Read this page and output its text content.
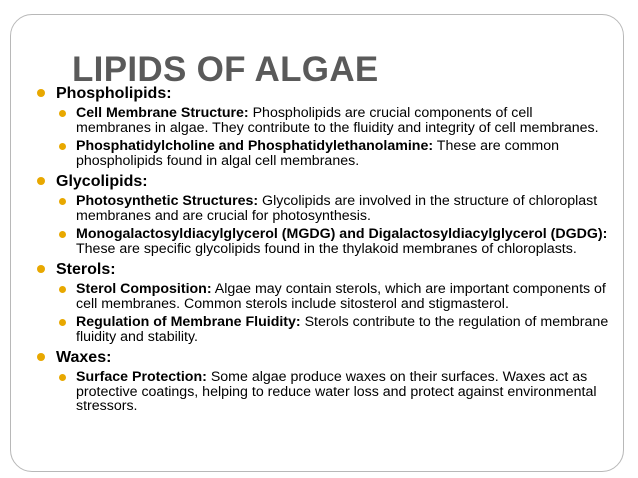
LIPIDS OF ALGAE
Phospholipids:
Cell Membrane Structure: Phospholipids are crucial components of cell membranes in algae. They contribute to the fluidity and integrity of cell membranes.
Phosphatidylcholine and Phosphatidylethanolamine: These are common phospholipids found in algal cell membranes.
Glycolipids:
Photosynthetic Structures: Glycolipids are involved in the structure of chloroplast membranes and are crucial for photosynthesis.
Monogalactosyldiacylglycerol (MGDG) and Digalactosyldiacylglycerol (DGDG): These are specific glycolipids found in the thylakoid membranes of chloroplasts.
Sterols:
Sterol Composition: Algae may contain sterols, which are important components of cell membranes. Common sterols include sitosterol and stigmasterol.
Regulation of Membrane Fluidity: Sterols contribute to the regulation of membrane fluidity and stability.
Waxes:
Surface Protection: Some algae produce waxes on their surfaces. Waxes act as protective coatings, helping to reduce water loss and protect against environmental stressors.
